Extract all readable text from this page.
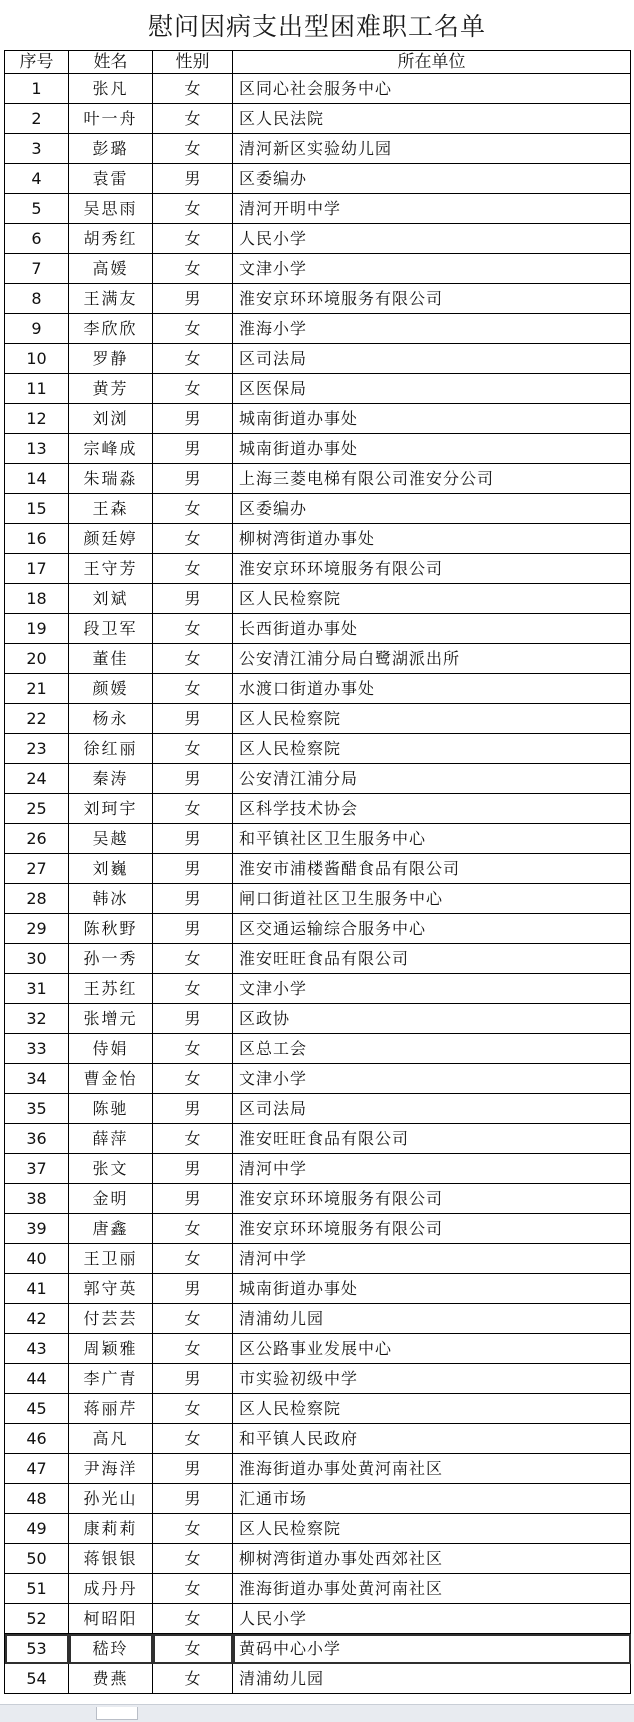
慰问因病支出型困难职工名单
序号	姓名	性别	所在单位
1	张凡	女	区同心社会服务中心
2	叶一舟	女	区人民法院
3	彭璐	女	清河新区实验幼儿园
4	袁雷	男	区委编办
5	吴思雨	女	清河开明中学
6	胡秀红	女	人民小学
7	高媛	女	文津小学
8	王满友	男	淮安京环环境服务有限公司
9	李欣欣	女	淮海小学
10	罗静	女	区司法局
11	黄芳	女	区医保局
12	刘浏	男	城南街道办事处
13	宗峰成	男	城南街道办事处
14	朱瑞淼	男	上海三菱电梯有限公司淮安分公司
15	王森	女	区委编办
16	颜廷婷	女	柳树湾街道办事处
17	王守芳	女	淮安京环环境服务有限公司
18	刘斌	男	区人民检察院
19	段卫军	女	长西街道办事处
20	董佳	女	公安清江浦分局白鹭湖派出所
21	颜媛	女	水渡口街道办事处
22	杨永	男	区人民检察院
23	徐红丽	女	区人民检察院
24	秦涛	男	公安清江浦分局
25	刘珂宇	女	区科学技术协会
26	吴越	男	和平镇社区卫生服务中心
27	刘巍	男	淮安市浦楼酱醋食品有限公司
28	韩冰	男	闸口街道社区卫生服务中心
29	陈秋野	男	区交通运输综合服务中心
30	孙一秀	女	淮安旺旺食品有限公司
31	王苏红	女	文津小学
32	张增元	男	区政协
33	侍娟	女	区总工会
34	曹金怡	女	文津小学
35	陈驰	男	区司法局
36	薛萍	女	淮安旺旺食品有限公司
37	张文	男	清河中学
38	金明	男	淮安京环环境服务有限公司
39	唐鑫	女	淮安京环环境服务有限公司
40	王卫丽	女	清河中学
41	郭守英	男	城南街道办事处
42	付芸芸	女	清浦幼儿园
43	周颖雅	女	区公路事业发展中心
44	李广青	男	市实验初级中学
45	蒋丽芹	女	区人民检察院
46	高凡	女	和平镇人民政府
47	尹海洋	男	淮海街道办事处黄河南社区
48	孙光山	男	汇通市场
49	康莉莉	女	区人民检察院
50	蒋银银	女	柳树湾街道办事处西郊社区
51	成丹丹	女	淮海街道办事处黄河南社区
52	柯昭阳	女	人民小学
53	嵇玲	女	黄码中心小学
54	费燕	女	清浦幼儿园
